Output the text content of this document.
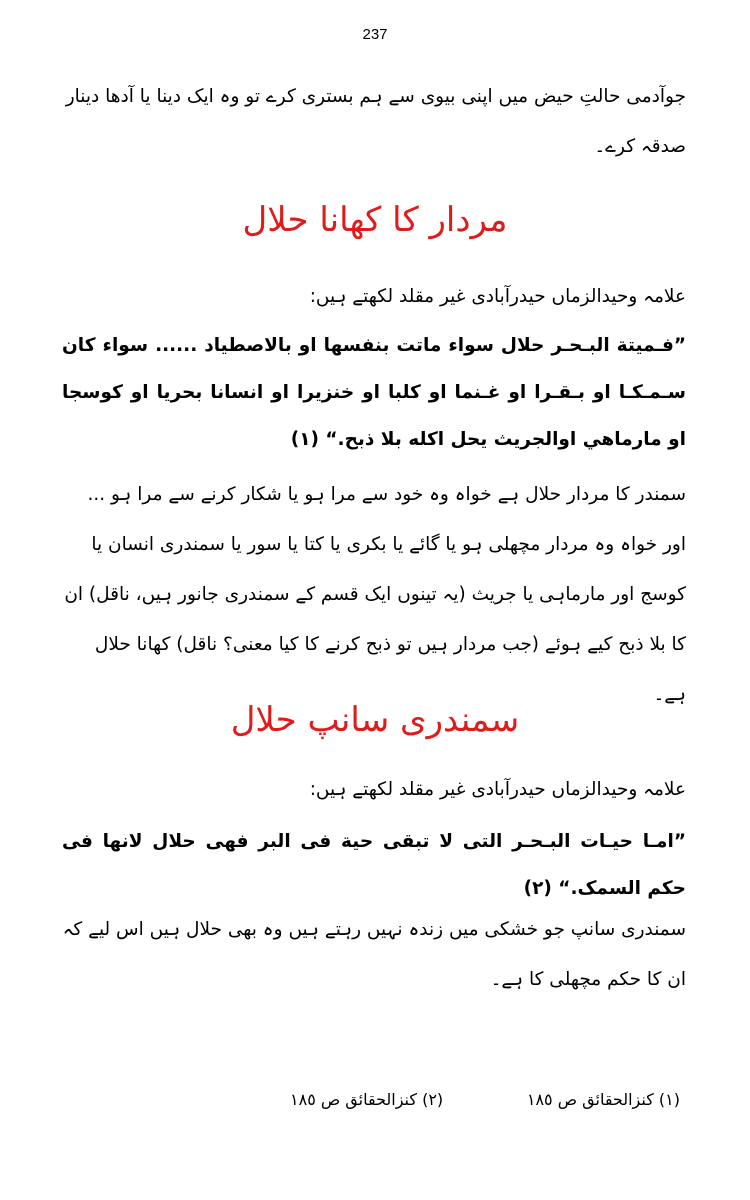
237
جوآدمی حالتِ حیض میں اپنی بیوی سے ہم بستری کرے تو وہ ایک دینا یا آدھا دینار صدقہ کرے۔
مردار کا کھانا حلال
علامہ وحیدالزماں حیدرآبادی غیر مقلد لکھتے ہیں:
”فـميتة البـحـر حلال سواء ماتت بنفسها او بالاصطياد ...... سواء كان سـمـكـا او بـقـرا او غـنما او كلبا او خنزيرا او انسانا بحريا او كوسجا او مارماهي اوالجريث يحل اكله بلا ذبح.“ (١)
سمندر کا مردار حلال ہے خواہ وہ خود سے مرا ہو یا شکار کرنے سے مرا ہو ... اور خواہ وہ مردار مچھلی ہو یا گائے یا بکری یا کتا یا سور یا سمندری انسان یا کوسج اور مارماہی یا جریث (یہ تینوں ایک قسم کے سمندری جانور ہیں، ناقل) ان کا بلا ذبح کیے ہوئے (جب مردار ہیں تو ذبح کرنے کا کیا معنی؟ ناقل) کھانا حلال ہے۔
سمندری سانپ حلال
علامہ وحیدالزماں حیدرآبادی غیر مقلد لکھتے ہیں:
”امـا حيـات البـحـر التى لا تبقى حية فى البر فهى حلال لانها فى حكم السمک.“ (٢)
سمندری سانپ جو خشکی میں زندہ نہیں رہتے ہیں وہ بھی حلال ہیں اس لیے کہ ان کا حکم مچھلی کا ہے۔
(١) کنزالحقائق ص ١٨٥
(٢) کنزالحقائق ص ١٨٥
